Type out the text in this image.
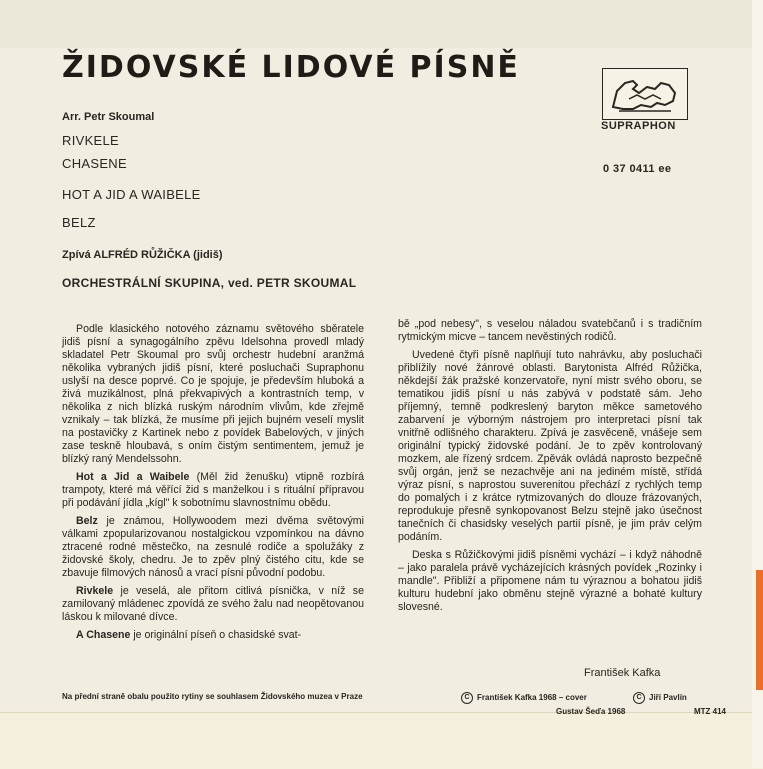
ŽIDOVSKÉ LIDOVÉ PÍSNĚ
Arr. Petr Skoumal
RIVKELE
CHASENE
HOT A JID A WAIBELE
BELZ
Zpívá ALFRÉD RŮŽIČKA (jidiš)
ORCHESTRÁLNÍ SKUPINA, ved. PETR SKOUMAL
SUPRAPHON
0 37 0411 ee

Podle klasického notového záznamu světového sběratele jidiš písní a synagogálního zpěvu Idelsohna provedl mladý skladatel Petr Skoumal pro svůj orchestr hudební aranžmá několika vybraných jidiš písní, které posluchači Supraphonu uslyší na desce poprvé. Co je spojuje, je především hluboká a živá muzikálnost, plná překvapivých a kontrastních temp, v několika z nich blízká ruským národním vlivům, kde zřejmě vznikaly – tak blízká, že musíme při jejich bujném veselí myslit na postavičky z Kartinek nebo z povídek Babelových, v jiných zase teskně hloubavá, s oním čistým sentimentem, jemuž je blízký raný Mendelssohn.

Hot a Jid a Waibele (Měl žid ženušku) vtipně rozbírá trampoty, které má věřící žid s manželkou i s rituální přípravou při podávání jídla „kígl" k sobotnímu slavnostnímu obědu.

Belz je známou, Hollywoodem mezi dvěma světovými válkami zpopularizovanou nostalgickou vzpomínkou na dávno ztracené rodné městečko, na zesnulé rodiče a spolužáky z židovské školy, chedru. Je to zpěv plný čistého citu, kde se zbavuje filmových nánosů a vrací písni původní podobu.

Rivkele je veselá, ale přitom citlivá písnička, v níž se zamilovaný mládenec zpovídá ze svého žalu nad neopětovanou láskou k milované dívce.

A Chasene je originální píseň o chasidské svat-

bě „pod nebesy", s veselou náladou svatebčanů i s tradičním rytmickým micve – tancem nevěstiných rodičů.

Uvedené čtyři písně naplňují tuto nahrávku, aby posluchači přiblížily nové žánrové oblasti. Barytonista Alfréd Růžička, někdejší žák pražské konzervatoře, nyní mistr svého oboru, se tematikou jidiš písní u nás zabývá v podstatě sám. Jeho příjemný, temně podkreslený baryton měkce sametového zabarvení je výborným nástrojem pro interpretaci písní tak vnitřně odlišného charakteru. Zpívá je zasvěceně, vnášeje sem originální typický židovské podání. Je to zpěv kontrolovaný mozkem, ale řízený srdcem. Zpěvák ovládá naprosto bezpečně svůj orgán, jenž se nezachvěje ani na jediném místě, střídá výraz písní, s naprostou suverenitou přechází z rychlých temp do pomalých i z krátce rytmizovaných do dlouze frázovaných, reprodukuje přesně synkopovanost Belzu stejně jako úsečnost tanečních či chasidsky veselých partií písně, je jim práv celým podáním.

Deska s Růžičkovými jidiš písněmi vychází – i když náhodně – jako paralela právě vycházejících krásných povídek „Rozinky i mandle". Přibliží a připomene nám tu výraznou a bohatou jidiš kulturu hudební jako obměnu stejně výrazné a bohaté kultury slovesné.

František Kafka
Na přední straně obalu použito rytiny se souhlasem Židovského muzea v Praze	C František Kafka 1968 – cover	C Jiří Pavlín
Gustav Šeďa 1968	MTZ 414
